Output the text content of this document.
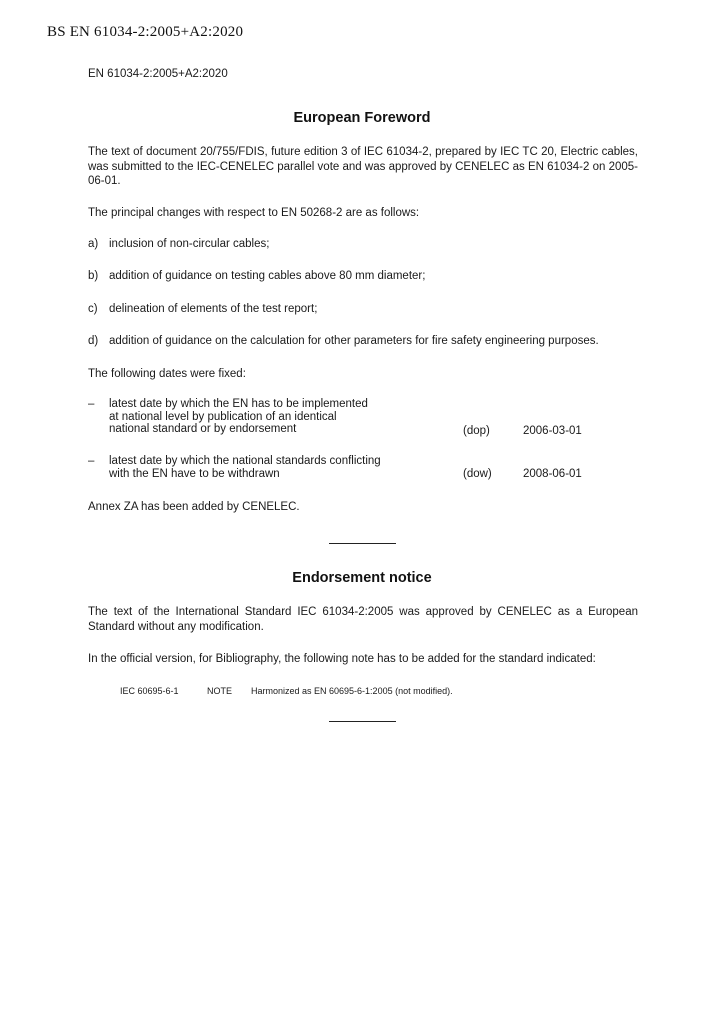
BS EN 61034-2:2005+A2:2020
EN 61034-2:2005+A2:2020
European Foreword
The text of document 20/755/FDIS, future edition 3 of IEC 61034-2, prepared by IEC TC 20, Electric cables, was submitted to the IEC-CENELEC parallel vote and was approved by CENELEC as EN 61034-2 on 2005-06-01.
The principal changes with respect to EN 50268-2 are as follows:
a) inclusion of non-circular cables;
b) addition of guidance on testing cables above 80 mm diameter;
c) delineation of elements of the test report;
d) addition of guidance on the calculation for other parameters for fire safety engineering purposes.
The following dates were fixed:
– latest date by which the EN has to be implemented
at national level by publication of an identical
national standard or by endorsement	(dop)	2006-03-01
– latest date by which the national standards conflicting
with the EN have to be withdrawn	(dow)	2008-06-01
Annex ZA has been added by CENELEC.
Endorsement notice
The text of the International Standard IEC 61034-2:2005 was approved by CENELEC as a European Standard without any modification.
In the official version, for Bibliography, the following note has to be added for the standard indicated:
IEC 60695-6-1	NOTE Harmonized as EN 60695-6-1:2005 (not modified).
